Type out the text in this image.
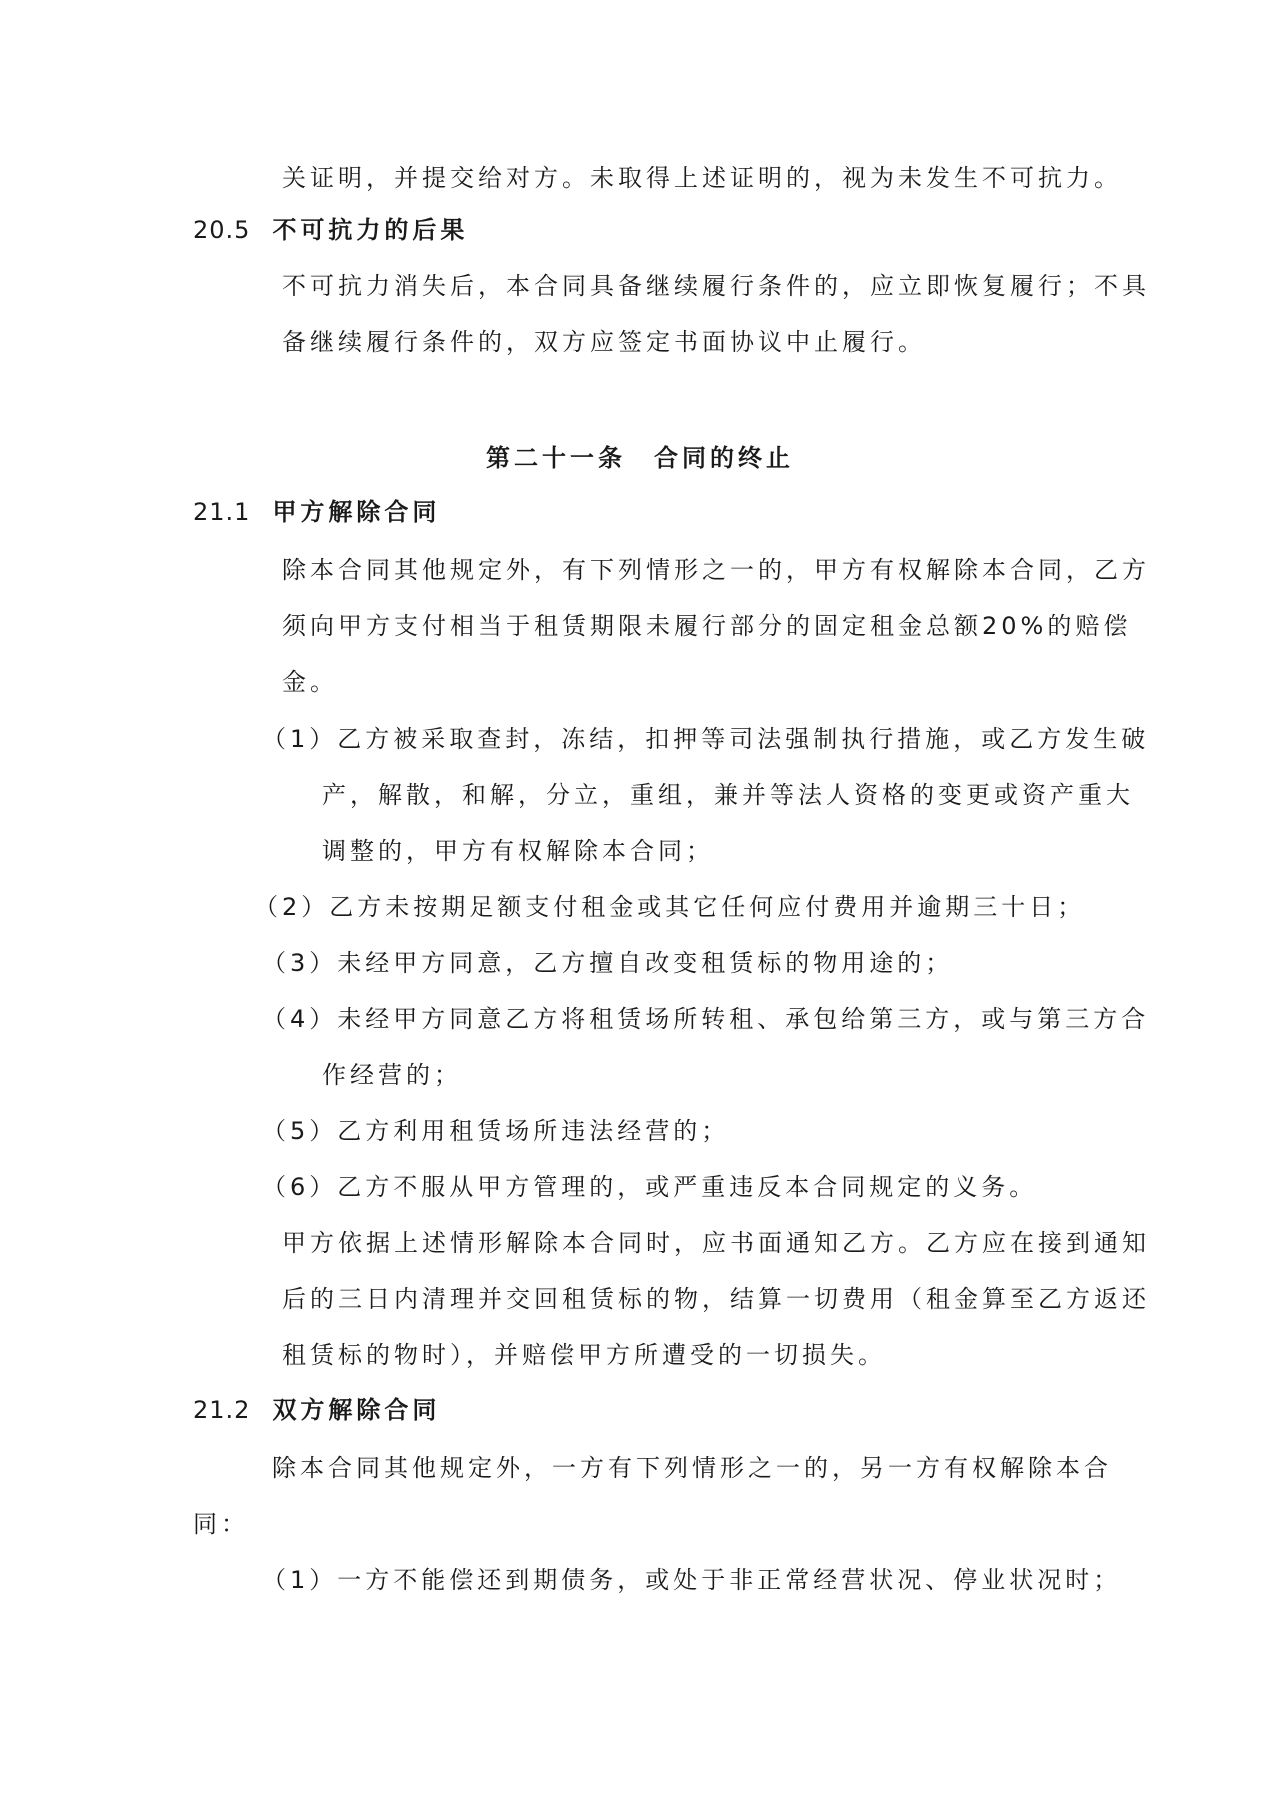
关证明，并提交给对方。未取得上述证明的，视为未发生不可抗力。
20.5 不可抗力的后果
不可抗力消失后，本合同具备继续履行条件的，应立即恢复履行；不具
备继续履行条件的，双方应签定书面协议中止履行。
第二十一条　合同的终止
21.1 甲方解除合同
除本合同其他规定外，有下列情形之一的，甲方有权解除本合同，乙方
须向甲方支付相当于租赁期限未履行部分的固定租金总额20%的赔偿
金。
（1）乙方被采取查封，冻结，扣押等司法强制执行措施，或乙方发生破
产，解散，和解，分立，重组，兼并等法人资格的变更或资产重大
调整的，甲方有权解除本合同；
（2）乙方未按期足额支付租金或其它任何应付费用并逾期三十日；
（3）未经甲方同意，乙方擅自改变租赁标的物用途的；
（4）未经甲方同意乙方将租赁场所转租、承包给第三方，或与第三方合
作经营的；
（5）乙方利用租赁场所违法经营的；
（6）乙方不服从甲方管理的，或严重违反本合同规定的义务。
甲方依据上述情形解除本合同时，应书面通知乙方。乙方应在接到通知
后的三日内清理并交回租赁标的物，结算一切费用（租金算至乙方返还
租赁标的物时），并赔偿甲方所遭受的一切损失。
21.2 双方解除合同
除本合同其他规定外，一方有下列情形之一的，另一方有权解除本合
同：
（1）一方不能偿还到期债务，或处于非正常经营状况、停业状况时；
